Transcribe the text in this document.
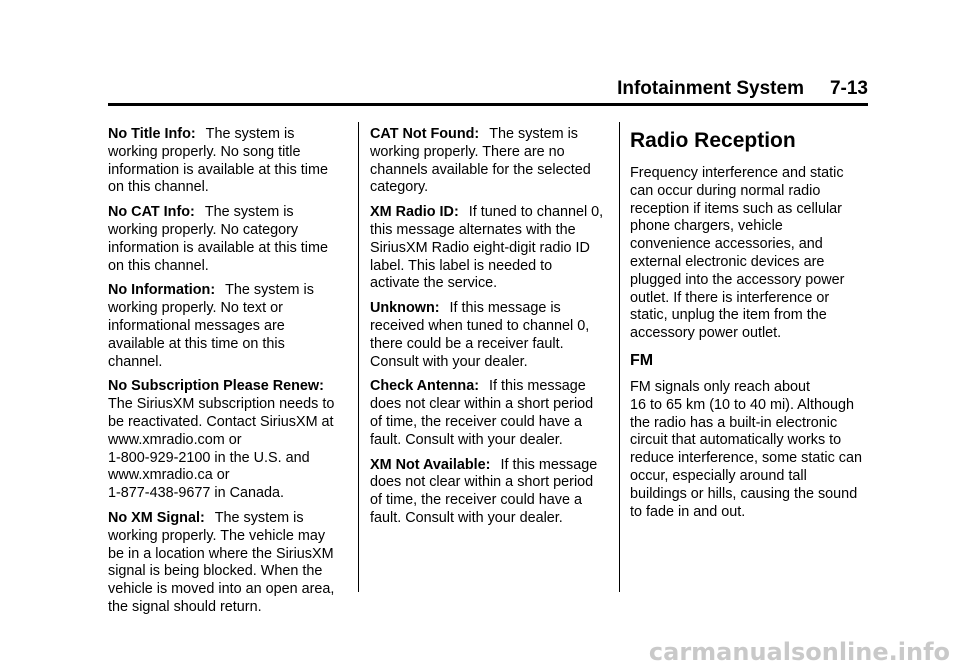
Infotainment System 7-13

No Title Info: The system is
working properly. No song title
information is available at this time
on this channel.

No CAT Info: The system is
working properly. No category
information is available at this time
on this channel.

No Information: The system is
working properly. No text or
informational messages are
available at this time on this
channel.

No Subscription Please Renew:
The SiriusXM subscription needs to
be reactivated. Contact SiriusXM at
www.xmradio.com or
1-800-929-2100 in the U.S. and
www.xmradio.ca or
1-877-438-9677 in Canada.

No XM Signal: The system is
working properly. The vehicle may
be in a location where the SiriusXM
signal is being blocked. When the
vehicle is moved into an open area,
the signal should return.

CAT Not Found: The system is
working properly. There are no
channels available for the selected
category.

XM Radio ID: If tuned to channel 0,
this message alternates with the
SiriusXM Radio eight-digit radio ID
label. This label is needed to
activate the service.

Unknown: If this message is
received when tuned to channel 0,
there could be a receiver fault.
Consult with your dealer.

Check Antenna: If this message
does not clear within a short period
of time, the receiver could have a
fault. Consult with your dealer.

XM Not Available: If this message
does not clear within a short period
of time, the receiver could have a
fault. Consult with your dealer.

Radio Reception

Frequency interference and static
can occur during normal radio
reception if items such as cellular
phone chargers, vehicle
convenience accessories, and
external electronic devices are
plugged into the accessory power
outlet. If there is interference or
static, unplug the item from the
accessory power outlet.

FM

FM signals only reach about
16 to 65 km (10 to 40 mi). Although
the radio has a built-in electronic
circuit that automatically works to
reduce interference, some static can
occur, especially around tall
buildings or hills, causing the sound
to fade in and out.

carmanualsonline.info
